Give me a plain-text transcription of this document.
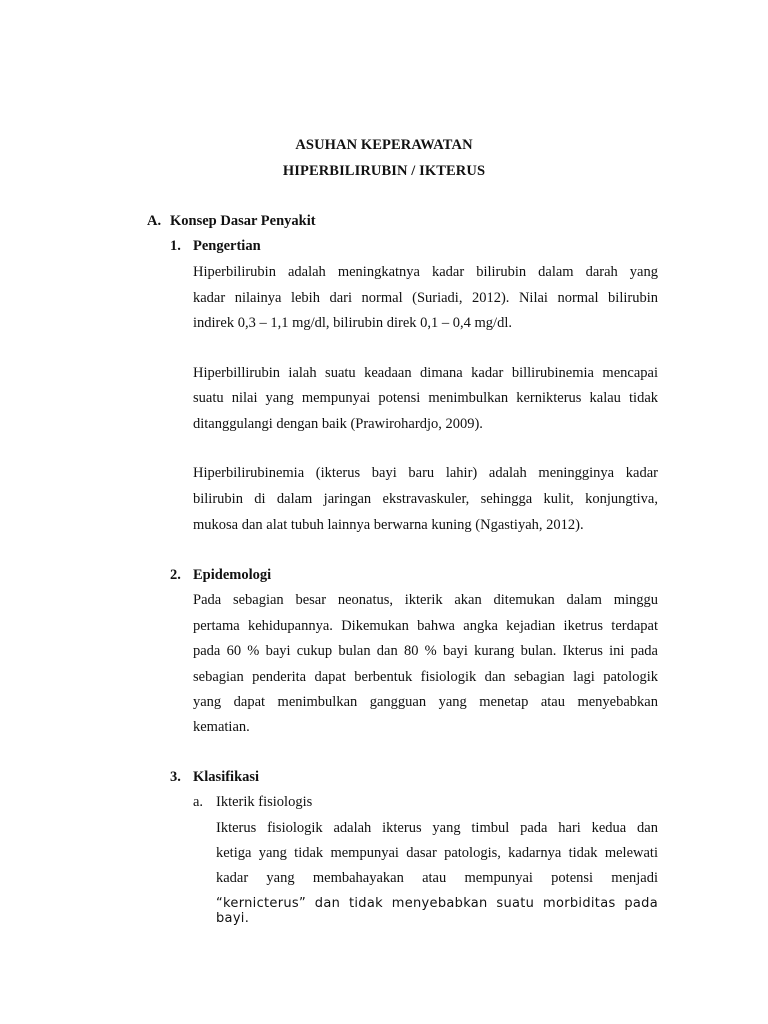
ASUHAN KEPERAWATAN
HIPERBILIRUBIN / IKTERUS
A. Konsep Dasar Penyakit
1. Pengertian
Hiperbilirubin adalah meningkatnya kadar bilirubin dalam darah yang
kadar nilainya lebih dari normal (Suriadi, 2012). Nilai normal bilirubin
indirek 0,3 – 1,1 mg/dl, bilirubin direk 0,1 – 0,4 mg/dl.
Hiperbillirubin ialah suatu keadaan dimana kadar billirubinemia mencapai
suatu nilai yang mempunyai potensi menimbulkan kernikterus kalau tidak
ditanggulangi dengan baik (Prawirohardjo, 2009).
Hiperbilirubinemia (ikterus bayi baru lahir) adalah meningginya kadar
bilirubin di dalam jaringan ekstravaskuler, sehingga kulit, konjungtiva,
mukosa dan alat tubuh lainnya berwarna kuning (Ngastiyah, 2012).
2. Epidemologi
Pada sebagian besar neonatus, ikterik akan ditemukan dalam minggu
pertama kehidupannya. Dikemukan bahwa angka kejadian iketrus terdapat
pada 60 % bayi cukup bulan dan 80 % bayi kurang bulan. Ikterus ini pada
sebagian penderita dapat berbentuk fisiologik dan sebagian lagi patologik
yang dapat menimbulkan gangguan yang menetap atau menyebabkan
kematian.
3. Klasifikasi
a. Ikterik fisiologis
Ikterus fisiologik adalah ikterus yang timbul pada hari kedua dan
ketiga yang tidak mempunyai dasar patologis, kadarnya tidak melewati
kadar yang membahayakan atau mempunyai potensi menjadi
“kernicterus” dan tidak menyebabkan suatu morbiditas pada bayi.
